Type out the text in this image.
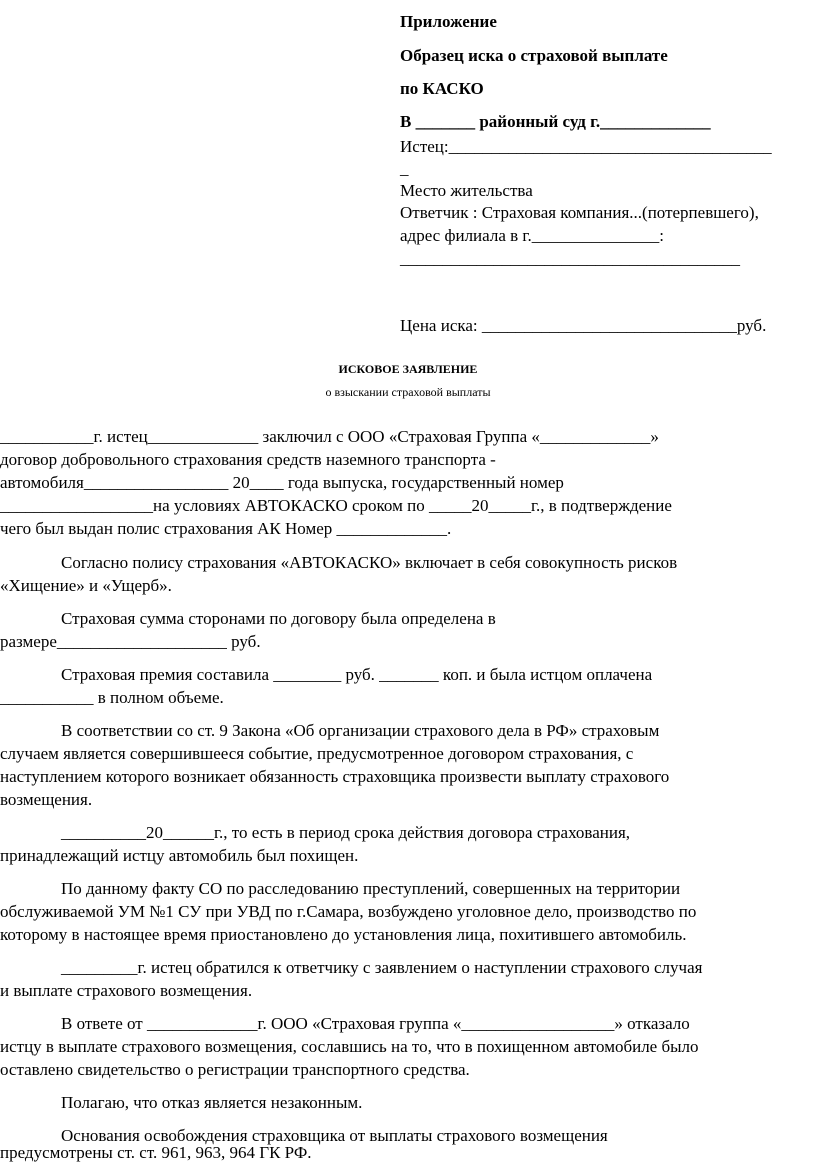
Приложение
Образец иска о страховой выплате
по КАСКО
В _______ районный суд г._____________
Истец:______________________________________
_
Место жительства
Ответчик : Страховая компания...(потерпевшего),
адрес филиала в г._______________:
________________________________________
Цена иска: ______________________________руб.
ИСКОВОЕ ЗАЯВЛЕНИЕ
о взыскании страховой выплаты
___________г. истец_____________ заключил с ООО «Страховая Группа «_____________»
договор добровольного страхования средств наземного транспорта -
автомобиля_________________ 20____ года выпуска, государственный номер
__________________на условиях АВТОКАСКО сроком по _____20_____г., в подтверждение
чего был выдан полис страхования АК Номер _____________.
Согласно полису страхования «АВТОКАСКО» включает в себя совокупность рисков
«Хищение» и «Ущерб».
Страховая сумма сторонами по договору была определена в
размере____________________ руб.
Страховая премия составила ________ руб. _______ коп. и была истцом оплачена
___________ в полном объеме.
В соответствии со ст. 9 Закона «Об организации страхового дела в РФ» страховым
случаем является совершившееся событие, предусмотренное договором страхования, с
наступлением которого возникает обязанность страховщика произвести выплату страхового
возмещения.
__________20______г., то есть в период срока действия договора страхования,
принадлежащий истцу автомобиль был похищен.
По данному факту СО по расследованию преступлений, совершенных на территории
обслуживаемой УМ №1 СУ при УВД по г.Самара, возбуждено уголовное дело, производство по
которому в настоящее время приостановлено до установления лица, похитившего автомобиль.
_________г. истец обратился к ответчику с заявлением о наступлении страхового случая
и выплате страхового возмещения.
В ответе от _____________г. ООО «Страховая группа «__________________» отказало
истцу в выплате страхового возмещения, сославшись на то, что в похищенном автомобиле было
оставлено свидетельство о регистрации транспортного средства.
Полагаю, что отказ является незаконным.
Основания освобождения страховщика от выплаты страхового возмещения
предусмотрены ст. ст. 961, 963, 964 ГК РФ.
